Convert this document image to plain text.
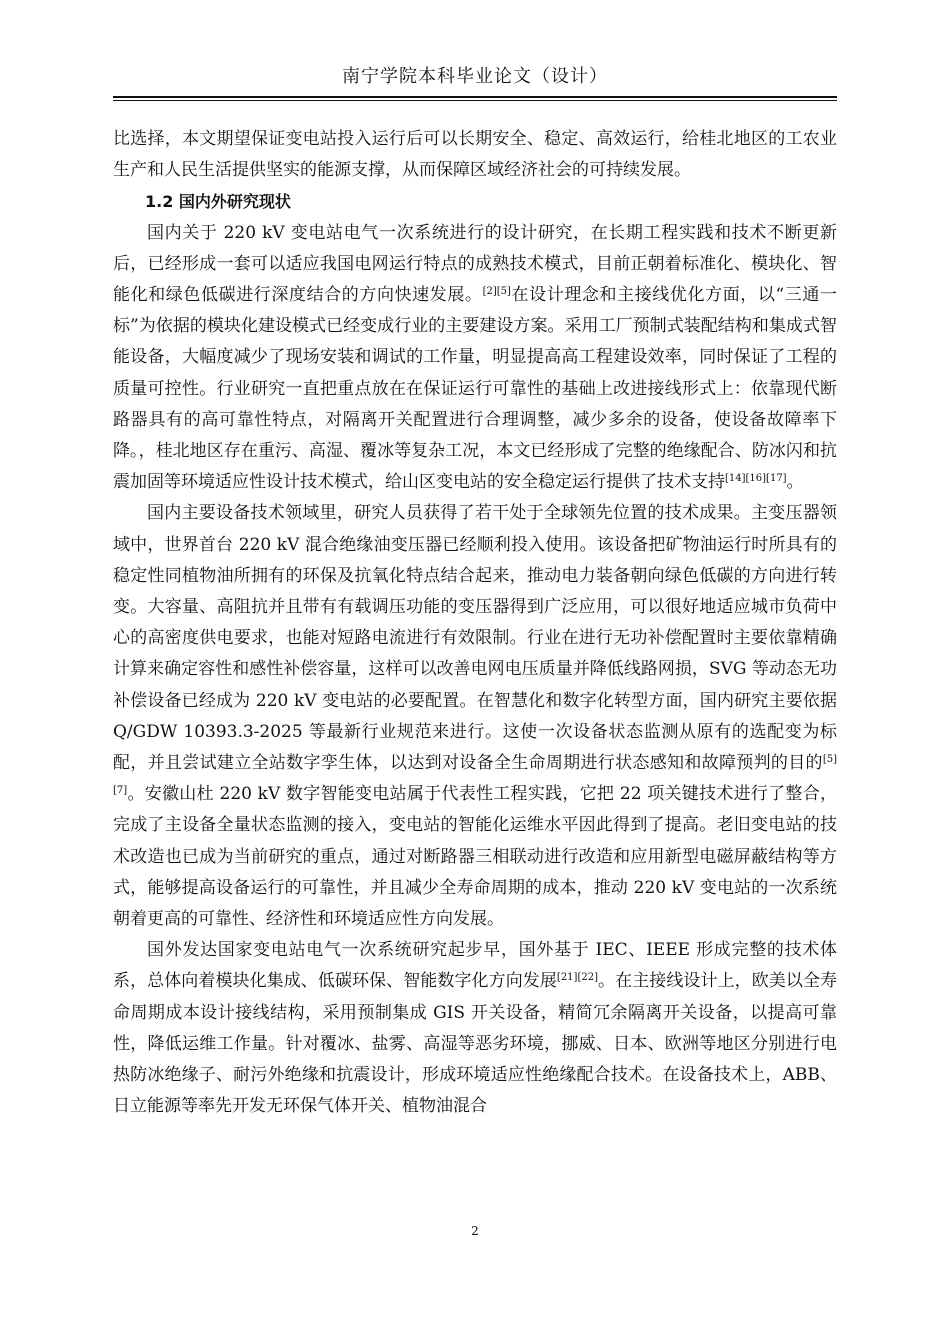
南宁学院本科毕业论文（设计）

比选择，本文期望保证变电站投入运行后可以长期安全、稳定、高效运行，给桂北地区的工农业生产和人民生活提供坚实的能源支撑，从而保障区域经济社会的可持续发展。

1.2 国内外研究现状

国内关于 220 kV 变电站电气一次系统进行的设计研究，在长期工程实践和技术不断更新后，已经形成一套可以适应我国电网运行特点的成熟技术模式，目前正朝着标准化、模块化、智能化和绿色低碳进行深度结合的方向快速发展。[2][5]在设计理念和主接线优化方面，以“三通一标”为依据的模块化建设模式已经变成行业的主要建设方案。采用工厂预制式装配结构和集成式智能设备，大幅度减少了现场安装和调试的工作量，明显提高高工程建设效率，同时保证了工程的质量可控性。行业研究一直把重点放在在保证运行可靠性的基础上改进接线形式上：依靠现代断路器具有的高可靠性特点，对隔离开关配置进行合理调整，减少多余的设备，使设备故障率下降。，桂北地区存在重污、高湿、覆冰等复杂工况，本文已经形成了完整的绝缘配合、防冰闪和抗震加固等环境适应性设计技术模式，给山区变电站的安全稳定运行提供了技术支持[14][16][17]。

国内主要设备技术领域里，研究人员获得了若干处于全球领先位置的技术成果。主变压器领域中，世界首台 220 kV 混合绝缘油变压器已经顺利投入使用。该设备把矿物油运行时所具有的稳定性同植物油所拥有的环保及抗氧化特点结合起来，推动电力装备朝向绿色低碳的方向进行转变。大容量、高阻抗并且带有有载调压功能的变压器得到广泛应用，可以很好地适应城市负荷中心的高密度供电要求，也能对短路电流进行有效限制。行业在进行无功补偿配置时主要依靠精确计算来确定容性和感性补偿容量，这样可以改善电网电压质量并降低线路网损，SVG 等动态无功补偿设备已经成为 220 kV 变电站的必要配置。在智慧化和数字化转型方面，国内研究主要依据 Q/GDW 10393.3-2025 等最新行业规范来进行。这使一次设备状态监测从原有的选配变为标配，并且尝试建立全站数字孪生体，以达到对设备全生命周期进行状态感知和故障预判的目的[5][7]。安徽山杜 220 kV 数字智能变电站属于代表性工程实践，它把 22 项关键技术进行了整合，完成了主设备全量状态监测的接入，变电站的智能化运维水平因此得到了提高。老旧变电站的技术改造也已成为当前研究的重点，通过对断路器三相联动进行改造和应用新型电磁屏蔽结构等方式，能够提高设备运行的可靠性，并且减少全寿命周期的成本，推动 220 kV 变电站的一次系统朝着更高的可靠性、经济性和环境适应性方向发展。

国外发达国家变电站电气一次系统研究起步早，国外基于 IEC、IEEE 形成完整的技术体系，总体向着模块化集成、低碳环保、智能数字化方向发展[21][22]。在主接线设计上，欧美以全寿命周期成本设计接线结构，采用预制集成 GIS 开关设备，精简冗余隔离开关设备，以提高可靠性，降低运维工作量。针对覆冰、盐雾、高湿等恶劣环境，挪威、日本、欧洲等地区分别进行电热防冰绝缘子、耐污外绝缘和抗震设计，形成环境适应性绝缘配合技术。在设备技术上，ABB、日立能源等率先开发无环保气体开关、植物油混合

2
